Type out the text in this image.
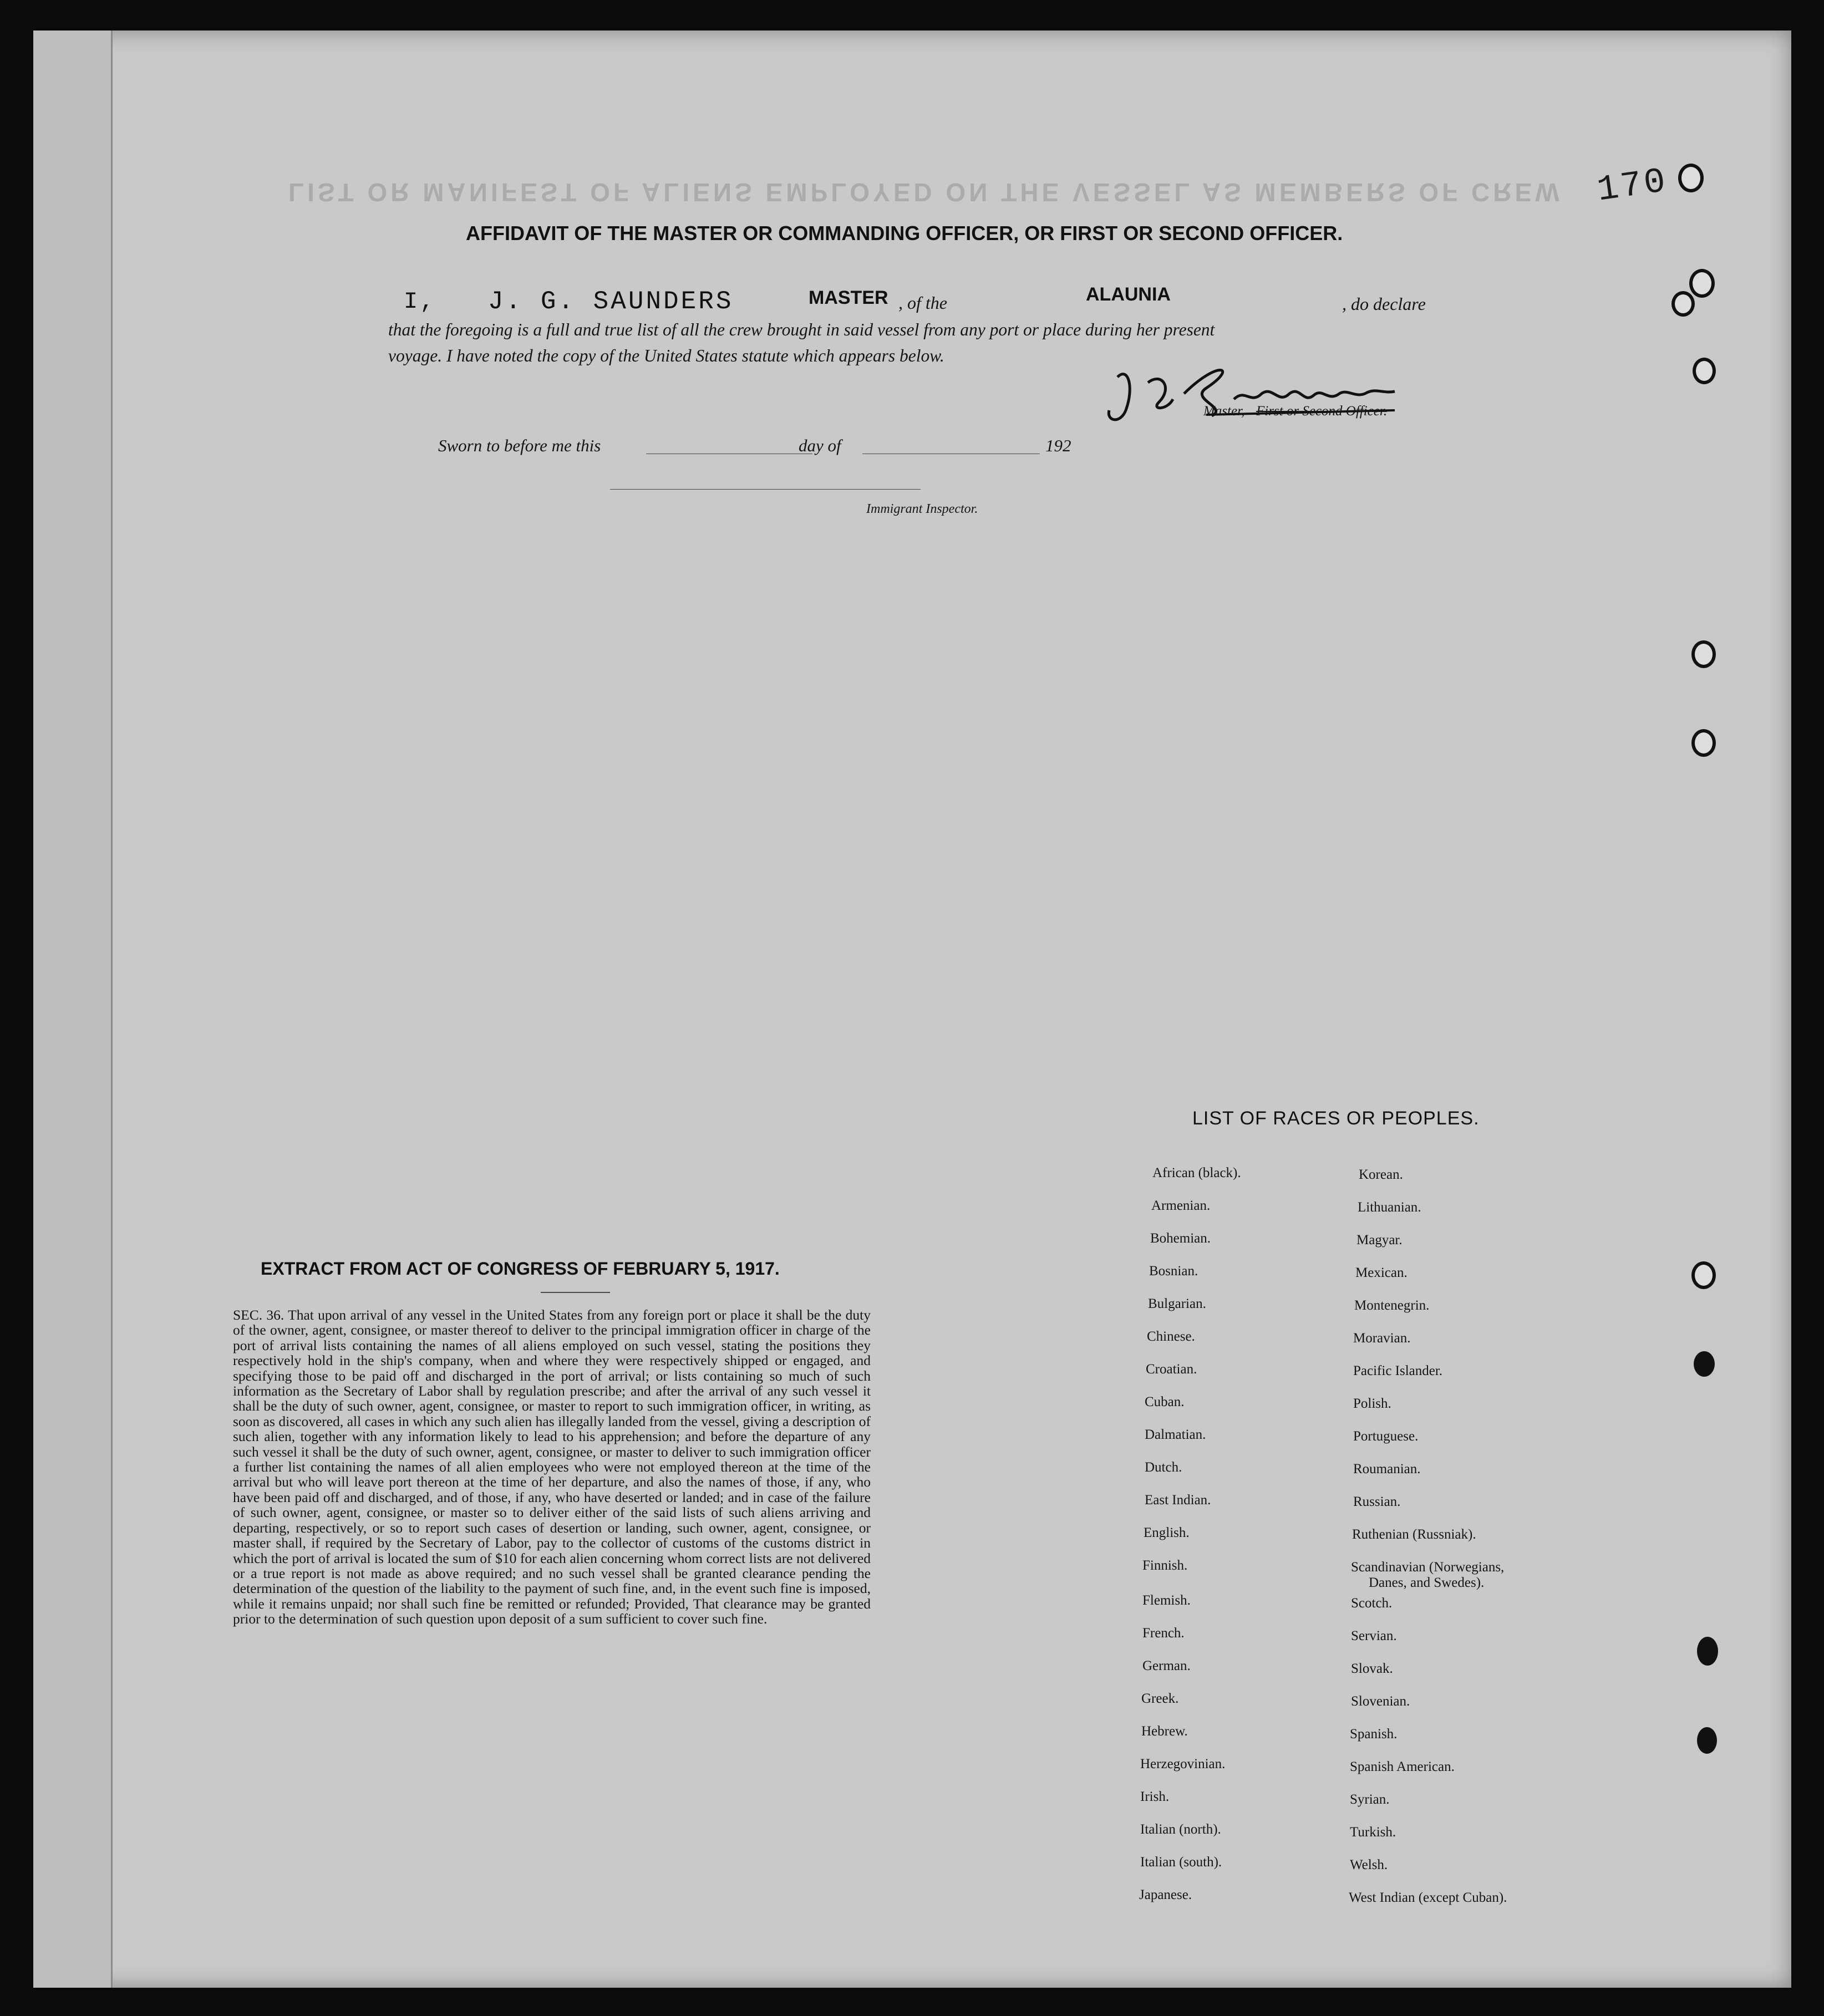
LIST OR MANIFEST OF ALIENS EMPLOYED ON THE VESSEL AS MEMBERS OF CREW 170
AFFIDAVIT OF THE MASTER OR COMMANDING OFFICER, OR FIRST OR SECOND OFFICER.
I, J. G. SAUNDERS	MASTER , of the	ALAUNIA	, do declare
that the foregoing is a full and true list of all the crew brought in said vessel from any port or place during her present
voyage. I have noted the copy of the United States statute which appears below.
Master, First or Second Officer.
Sworn to before me this	day of	192
Immigrant Inspector.
EXTRACT FROM ACT OF CONGRESS OF FEBRUARY 5, 1917.
SEC. 36. That upon arrival of any vessel in the United States from any foreign port or place it shall be the duty of the owner, agent, consignee, or master thereof to deliver to the principal immigration officer in charge of the port of arrival lists containing the names of all aliens employed on such vessel, stating the positions they respectively hold in the ship's company, when and where they were respectively shipped or engaged, and specifying those to be paid off and discharged in the port of arrival; or lists containing so much of such information as the Secretary of Labor shall by regulation prescribe; and after the arrival of any such vessel it shall be the duty of such owner, agent, consignee, or master to report to such immigration officer, in writing, as soon as discovered, all cases in which any such alien has illegally landed from the vessel, giving a description of such alien, together with any information likely to lead to his apprehension; and before the departure of any such vessel it shall be the duty of such owner, agent, consignee, or master to deliver to such immigration officer a further list containing the names of all alien employees who were not employed thereon at the time of the arrival but who will leave port thereon at the time of her departure, and also the names of those, if any, who have been paid off and discharged, and of those, if any, who have deserted or landed; and in case of the failure of such owner, agent, consignee, or master so to deliver either of the said lists of such aliens arriving and departing, respectively, or so to report such cases of desertion or landing, such owner, agent, consignee, or master shall, if required by the Secretary of Labor, pay to the collector of customs of the customs district in which the port of arrival is located the sum of $10 for each alien concerning whom correct lists are not delivered or a true report is not made as above required; and no such vessel shall be granted clearance pending the determination of the question of the liability to the payment of such fine, and, in the event such fine is imposed, while it remains unpaid; nor shall such fine be remitted or refunded; Provided, That clearance may be granted prior to the determination of such question upon deposit of a sum sufficient to cover such fine.
LIST OF RACES OR PEOPLES.
African (black).
Armenian.
Bohemian.
Bosnian.
Bulgarian.
Chinese.
Croatian.
Cuban.
Dalmatian.
Dutch.
East Indian.
English.
Finnish.
Flemish.
French.
German.
Greek.
Hebrew.
Herzegovinian.
Irish.
Italian (north).
Italian (south).
Japanese.
Korean.
Lithuanian.
Magyar.
Mexican.
Montenegrin.
Moravian.
Pacific Islander.
Polish.
Portuguese.
Roumanian.
Russian.
Ruthenian (Russniak).
Scandinavian (Norwegians,
Danes, and Swedes).
Scotch.
Servian.
Slovak.
Slovenian.
Spanish.
Spanish American.
Syrian.
Turkish.
Welsh.
West Indian (except Cuban).
